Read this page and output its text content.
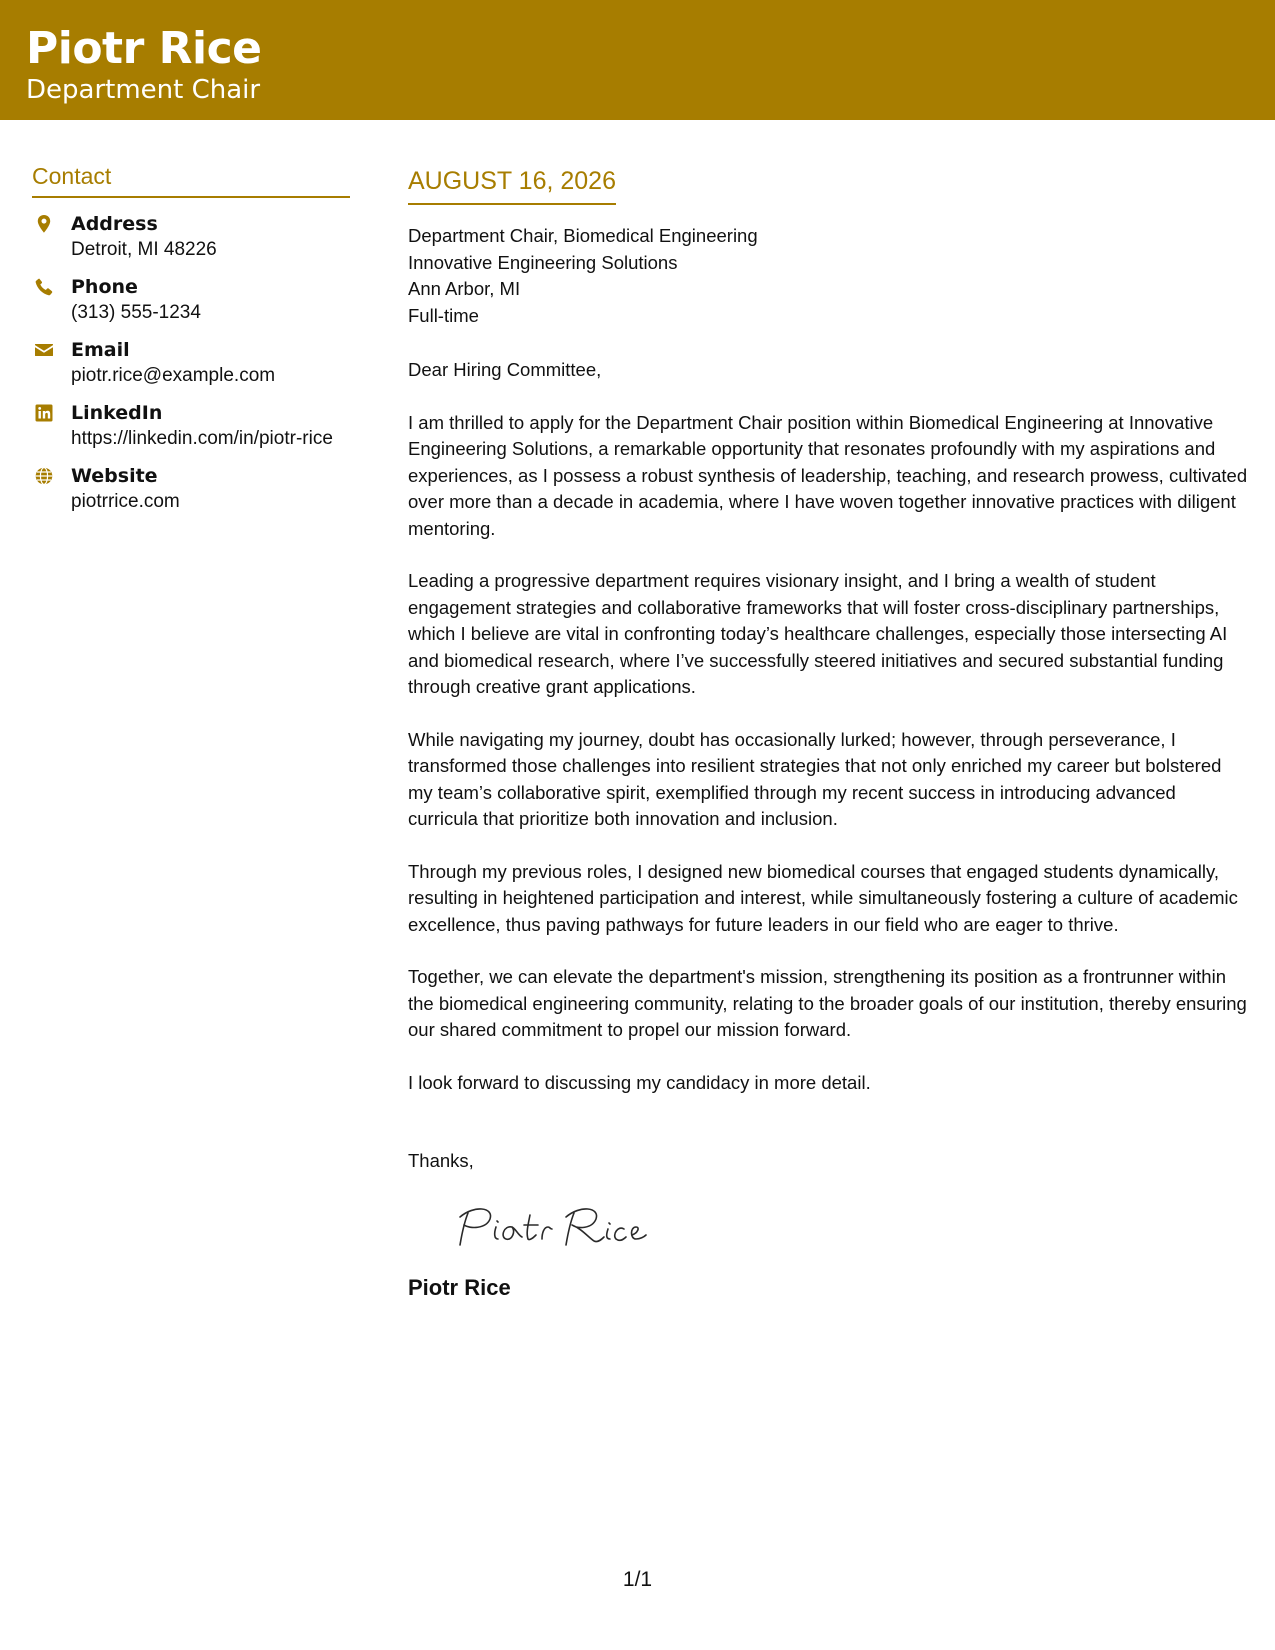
Piotr Rice
Department Chair
Contact
Address
Detroit, MI 48226
Phone
(313) 555-1234
Email
piotr.rice@example.com
LinkedIn
https://linkedin.com/in/piotr-rice
Website
piotrrice.com
AUGUST 16, 2026
Department Chair, Biomedical Engineering
Innovative Engineering Solutions
Ann Arbor, MI
Full-time
Dear Hiring Committee,
I am thrilled to apply for the Department Chair position within Biomedical Engineering at Innovative Engineering Solutions, a remarkable opportunity that resonates profoundly with my aspirations and experiences, as I possess a robust synthesis of leadership, teaching, and research prowess, cultivated over more than a decade in academia, where I have woven together innovative practices with diligent mentoring.
Leading a progressive department requires visionary insight, and I bring a wealth of student engagement strategies and collaborative frameworks that will foster cross-disciplinary partnerships, which I believe are vital in confronting today’s healthcare challenges, especially those intersecting AI and biomedical research, where I’ve successfully steered initiatives and secured substantial funding through creative grant applications.
While navigating my journey, doubt has occasionally lurked; however, through perseverance, I transformed those challenges into resilient strategies that not only enriched my career but bolstered my team’s collaborative spirit, exemplified through my recent success in introducing advanced curricula that prioritize both innovation and inclusion.
Through my previous roles, I designed new biomedical courses that engaged students dynamically, resulting in heightened participation and interest, while simultaneously fostering a culture of academic excellence, thus paving pathways for future leaders in our field who are eager to thrive.
Together, we can elevate the department's mission, strengthening its position as a frontrunner within the biomedical engineering community, relating to the broader goals of our institution, thereby ensuring our shared commitment to propel our mission forward.
I look forward to discussing my candidacy in more detail.
Thanks,
Piotr Rice
1/1
